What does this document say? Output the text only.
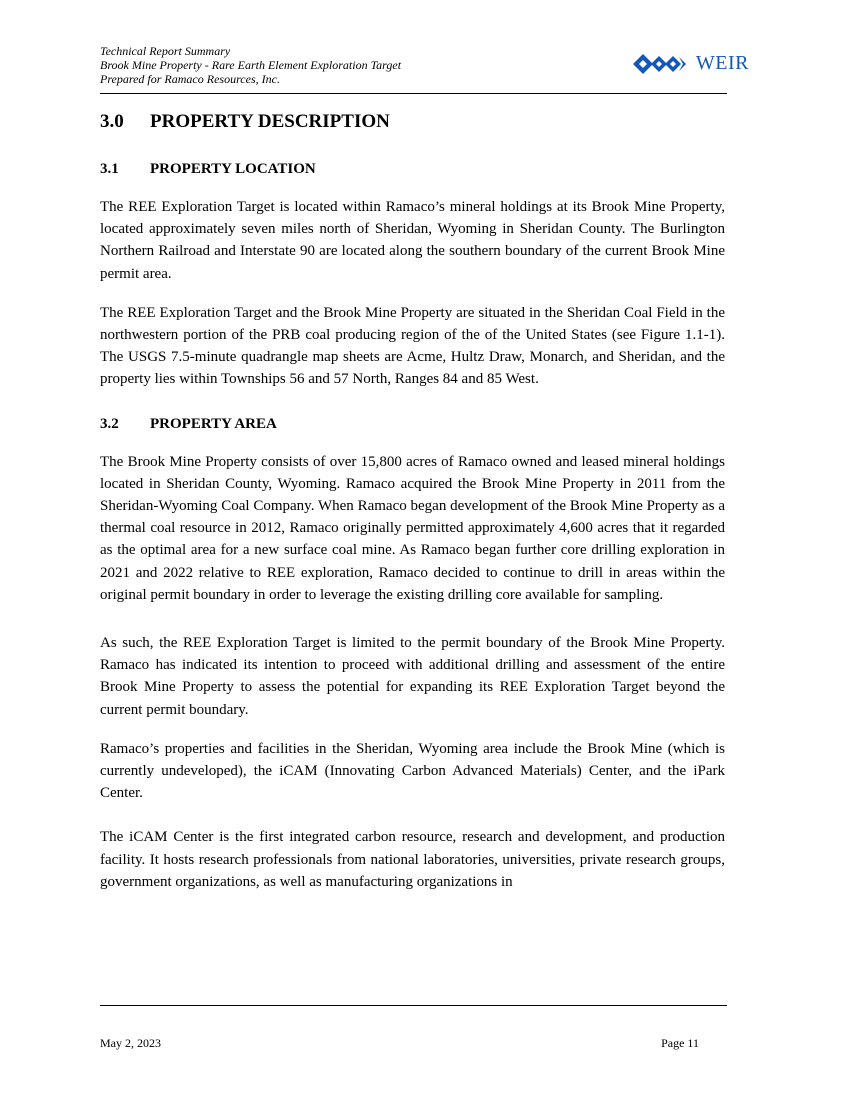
Technical Report Summary
Brook Mine Property - Rare Earth Element Exploration Target
Prepared for Ramaco Resources, Inc.
WEIR
3.0 PROPERTY DESCRIPTION
3.1 PROPERTY LOCATION

The REE Exploration Target is located within Ramaco’s mineral holdings at its Brook Mine Property, located approximately seven miles north of Sheridan, Wyoming in Sheridan County. The Burlington Northern Railroad and Interstate 90 are located along the southern boundary of the current Brook Mine permit area.

The REE Exploration Target and the Brook Mine Property are situated in the Sheridan Coal Field in the northwestern portion of the PRB coal producing region of the of the United States (see Figure 1.1-1). The USGS 7.5-minute quadrangle map sheets are Acme, Hultz Draw, Monarch, and Sheridan, and the property lies within Townships 56 and 57 North, Ranges 84 and 85 West.

3.2 PROPERTY AREA

The Brook Mine Property consists of over 15,800 acres of Ramaco owned and leased mineral holdings located in Sheridan County, Wyoming. Ramaco acquired the Brook Mine Property in 2011 from the Sheridan-Wyoming Coal Company. When Ramaco began development of the Brook Mine Property as a thermal coal resource in 2012, Ramaco originally permitted approximately 4,600 acres that it regarded as the optimal area for a new surface coal mine. As Ramaco began further core drilling exploration in 2021 and 2022 relative to REE exploration, Ramaco decided to continue to drill in areas within the original permit boundary in order to leverage the existing drilling core available for sampling.

As such, the REE Exploration Target is limited to the permit boundary of the Brook Mine Property. Ramaco has indicated its intention to proceed with additional drilling and assessment of the entire Brook Mine Property to assess the potential for expanding its REE Exploration Target beyond the current permit boundary.

Ramaco’s properties and facilities in the Sheridan, Wyoming area include the Brook Mine (which is currently undeveloped), the iCAM (Innovating Carbon Advanced Materials) Center, and the iPark Center.

The iCAM Center is the first integrated carbon resource, research and development, and production facility. It hosts research professionals from national laboratories, universities, private research groups, government organizations, as well as manufacturing organizations in

May 2, 2023	Page 11
